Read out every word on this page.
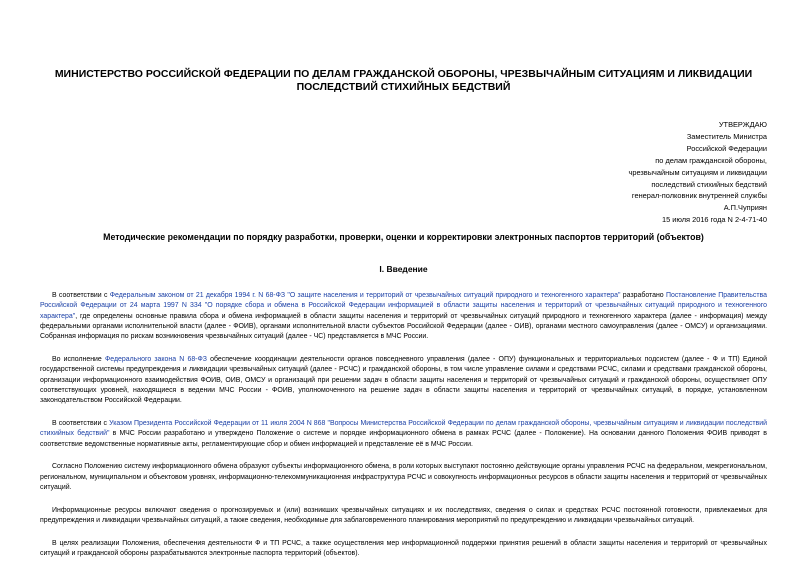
МИНИСТЕРСТВО РОССИЙСКОЙ ФЕДЕРАЦИИ ПО ДЕЛАМ ГРАЖДАНСКОЙ ОБОРОНЫ, ЧРЕЗВЫЧАЙНЫМ СИТУАЦИЯМ И ЛИКВИДАЦИИ ПОСЛЕДСТВИЙ СТИХИЙНЫХ БЕДСТВИЙ
УТВЕРЖДАЮ
Заместитель Министра
Российской Федерации
по делам гражданской обороны,
чрезвычайным ситуациям и ликвидации
последствий стихийных бедствий
генерал-полковник внутренней службы
А.П.Чуприян
15 июля 2016 года N 2-4-71-40
Методические рекомендации по порядку разработки, проверки, оценки и корректировки электронных паспортов территорий (объектов)
I. Введение

В соответствии с Федеральным законом от 21 декабря 1994 г. N 68-ФЗ "О защите населения и территорий от чрезвычайных ситуаций природного и техногенного характера" разработано Постановление Правительства Российской Федерации от 24 марта 1997 N 334 "О порядке сбора и обмена в Российской Федерации информацией в области защиты населения и территорий от чрезвычайных ситуаций природного и техногенного характера", где определены основные правила сбора и обмена информацией в области защиты населения и территорий от чрезвычайных ситуаций природного и техногенного характера (далее - информация) между федеральными органами исполнительной власти (далее - ФОИВ), органами исполнительной власти субъектов Российской Федерации (далее - ОИВ), органами местного самоуправления (далее - ОМСУ) и организациями. Собранная информация по рискам возникновения чрезвычайных ситуаций (далее - ЧС) представляется в МЧС России.

Во исполнение Федерального закона N 68-ФЗ обеспечение координации деятельности органов повседневного управления (далее - ОПУ) функциональных и территориальных подсистем (далее - Ф и ТП) Единой государственной системы предупреждения и ликвидации чрезвычайных ситуаций (далее - РСЧС) и гражданской обороны, в том числе управление силами и средствами РСЧС, силами и средствами гражданской обороны, организации информационного взаимодействия ФОИВ, ОИВ, ОМСУ и организаций при решении задач в области защиты населения и территорий от чрезвычайных ситуаций и гражданской обороны, осуществляет ОПУ соответствующих уровней, находящиеся в ведении МЧС России - ФОИВ, уполномоченного на решение задач в области защиты населения и территорий от чрезвычайных ситуаций, в порядке, установленном законодательством Российской Федерации.

В соответствии с Указом Президента Российской Федерации от 11 июля 2004 N 868 "Вопросы Министерства Российской Федерации по делам гражданской обороны, чрезвычайным ситуациям и ликвидации последствий стихийных бедствий" в МЧС России разработано и утверждено Положение о системе и порядке информационного обмена в рамках РСЧС (далее - Положение). На основании данного Положения ФОИВ приводят в соответствие ведомственные нормативные акты, регламентирующие сбор и обмен информацией и представление её в МЧС России.

Согласно Положению систему информационного обмена образуют субъекты информационного обмена, в роли которых выступают постоянно действующие органы управления РСЧС на федеральном, межрегиональном, региональном, муниципальном и объектовом уровнях, информационно-телекоммуникационная инфраструктура РСЧС и совокупность информационных ресурсов в области защиты населения и территорий от чрезвычайных ситуаций.

Информационные ресурсы включают сведения о прогнозируемых и (или) возникших чрезвычайных ситуациях и их последствиях, сведения о силах и средствах РСЧС постоянной готовности, привлекаемых для предупреждения и ликвидации чрезвычайных ситуаций, а также сведения, необходимые для заблаговременного планирования мероприятий по предупреждению и ликвидации чрезвычайных ситуаций.

В целях реализации Положения, обеспечения деятельности Ф и ТП РСЧС, а также осуществления мер информационной поддержки принятия решений в области защиты населения и территорий от чрезвычайных ситуаций и гражданской обороны разрабатываются электронные паспорта территорий (объектов).
